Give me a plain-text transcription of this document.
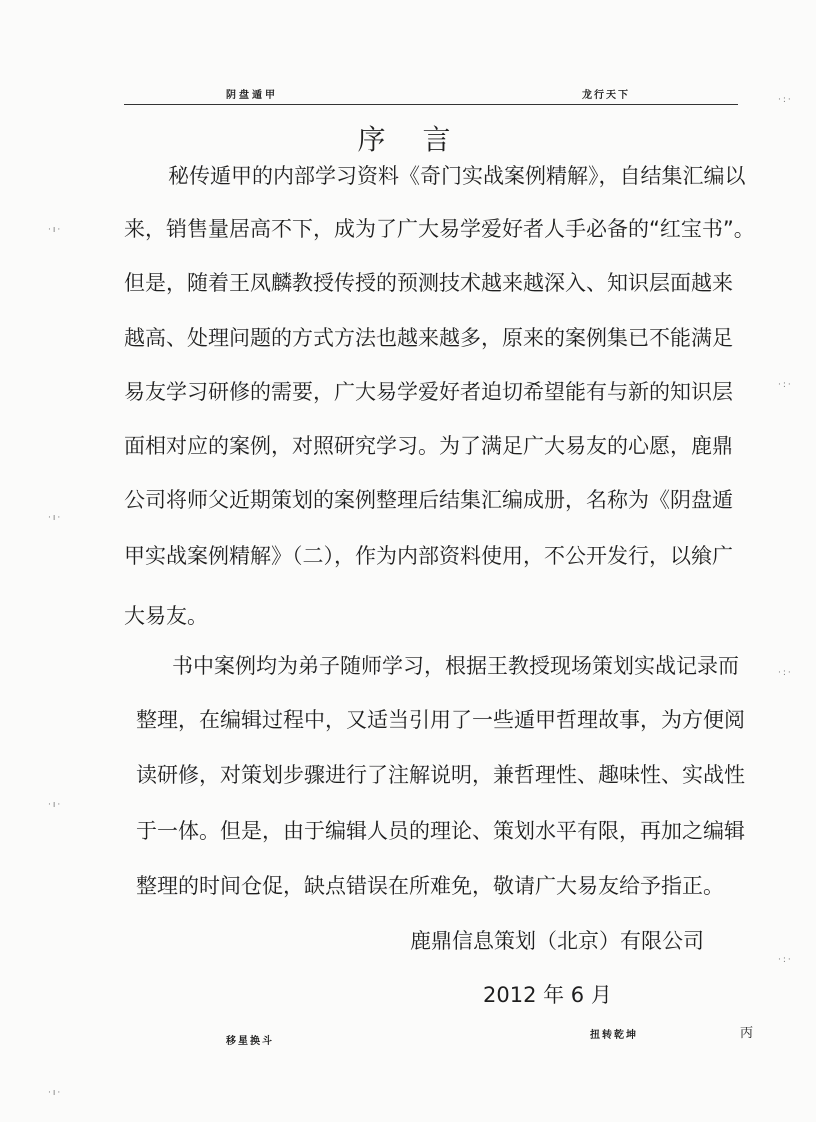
阴盘遁甲	龙行天下
序 言
秘传遁甲的内部学习资料《奇门实战案例精解》，自结集汇编以
来，销售量居高不下，成为了广大易学爱好者人手必备的“红宝书”。
但是，随着王凤麟教授传授的预测技术越来越深入、知识层面越来
越高、处理问题的方式方法也越来越多，原来的案例集已不能满足
易友学习研修的需要，广大易学爱好者迫切希望能有与新的知识层
面相对应的案例，对照研究学习。为了满足广大易友的心愿，鹿鼎
公司将师父近期策划的案例整理后结集汇编成册，名称为《阴盘遁
甲实战案例精解》（二），作为内部资料使用，不公开发行，以飨广
大易友。
书中案例均为弟子随师学习，根据王教授现场策划实战记录而
整理，在编辑过程中，又适当引用了一些遁甲哲理故事，为方便阅
读研修，对策划步骤进行了注解说明，兼哲理性、趣味性、实战性
于一体。但是，由于编辑人员的理论、策划水平有限，再加之编辑
整理的时间仓促，缺点错误在所难免，敬请广大易友给予指正。
鹿鼎信息策划（北京）有限公司
2012 年 6 月
移星换斗
扭转乾坤	丙
·ı·
·ı·
·ı·
·ı·
·:·
·:·
·:·
·:·
